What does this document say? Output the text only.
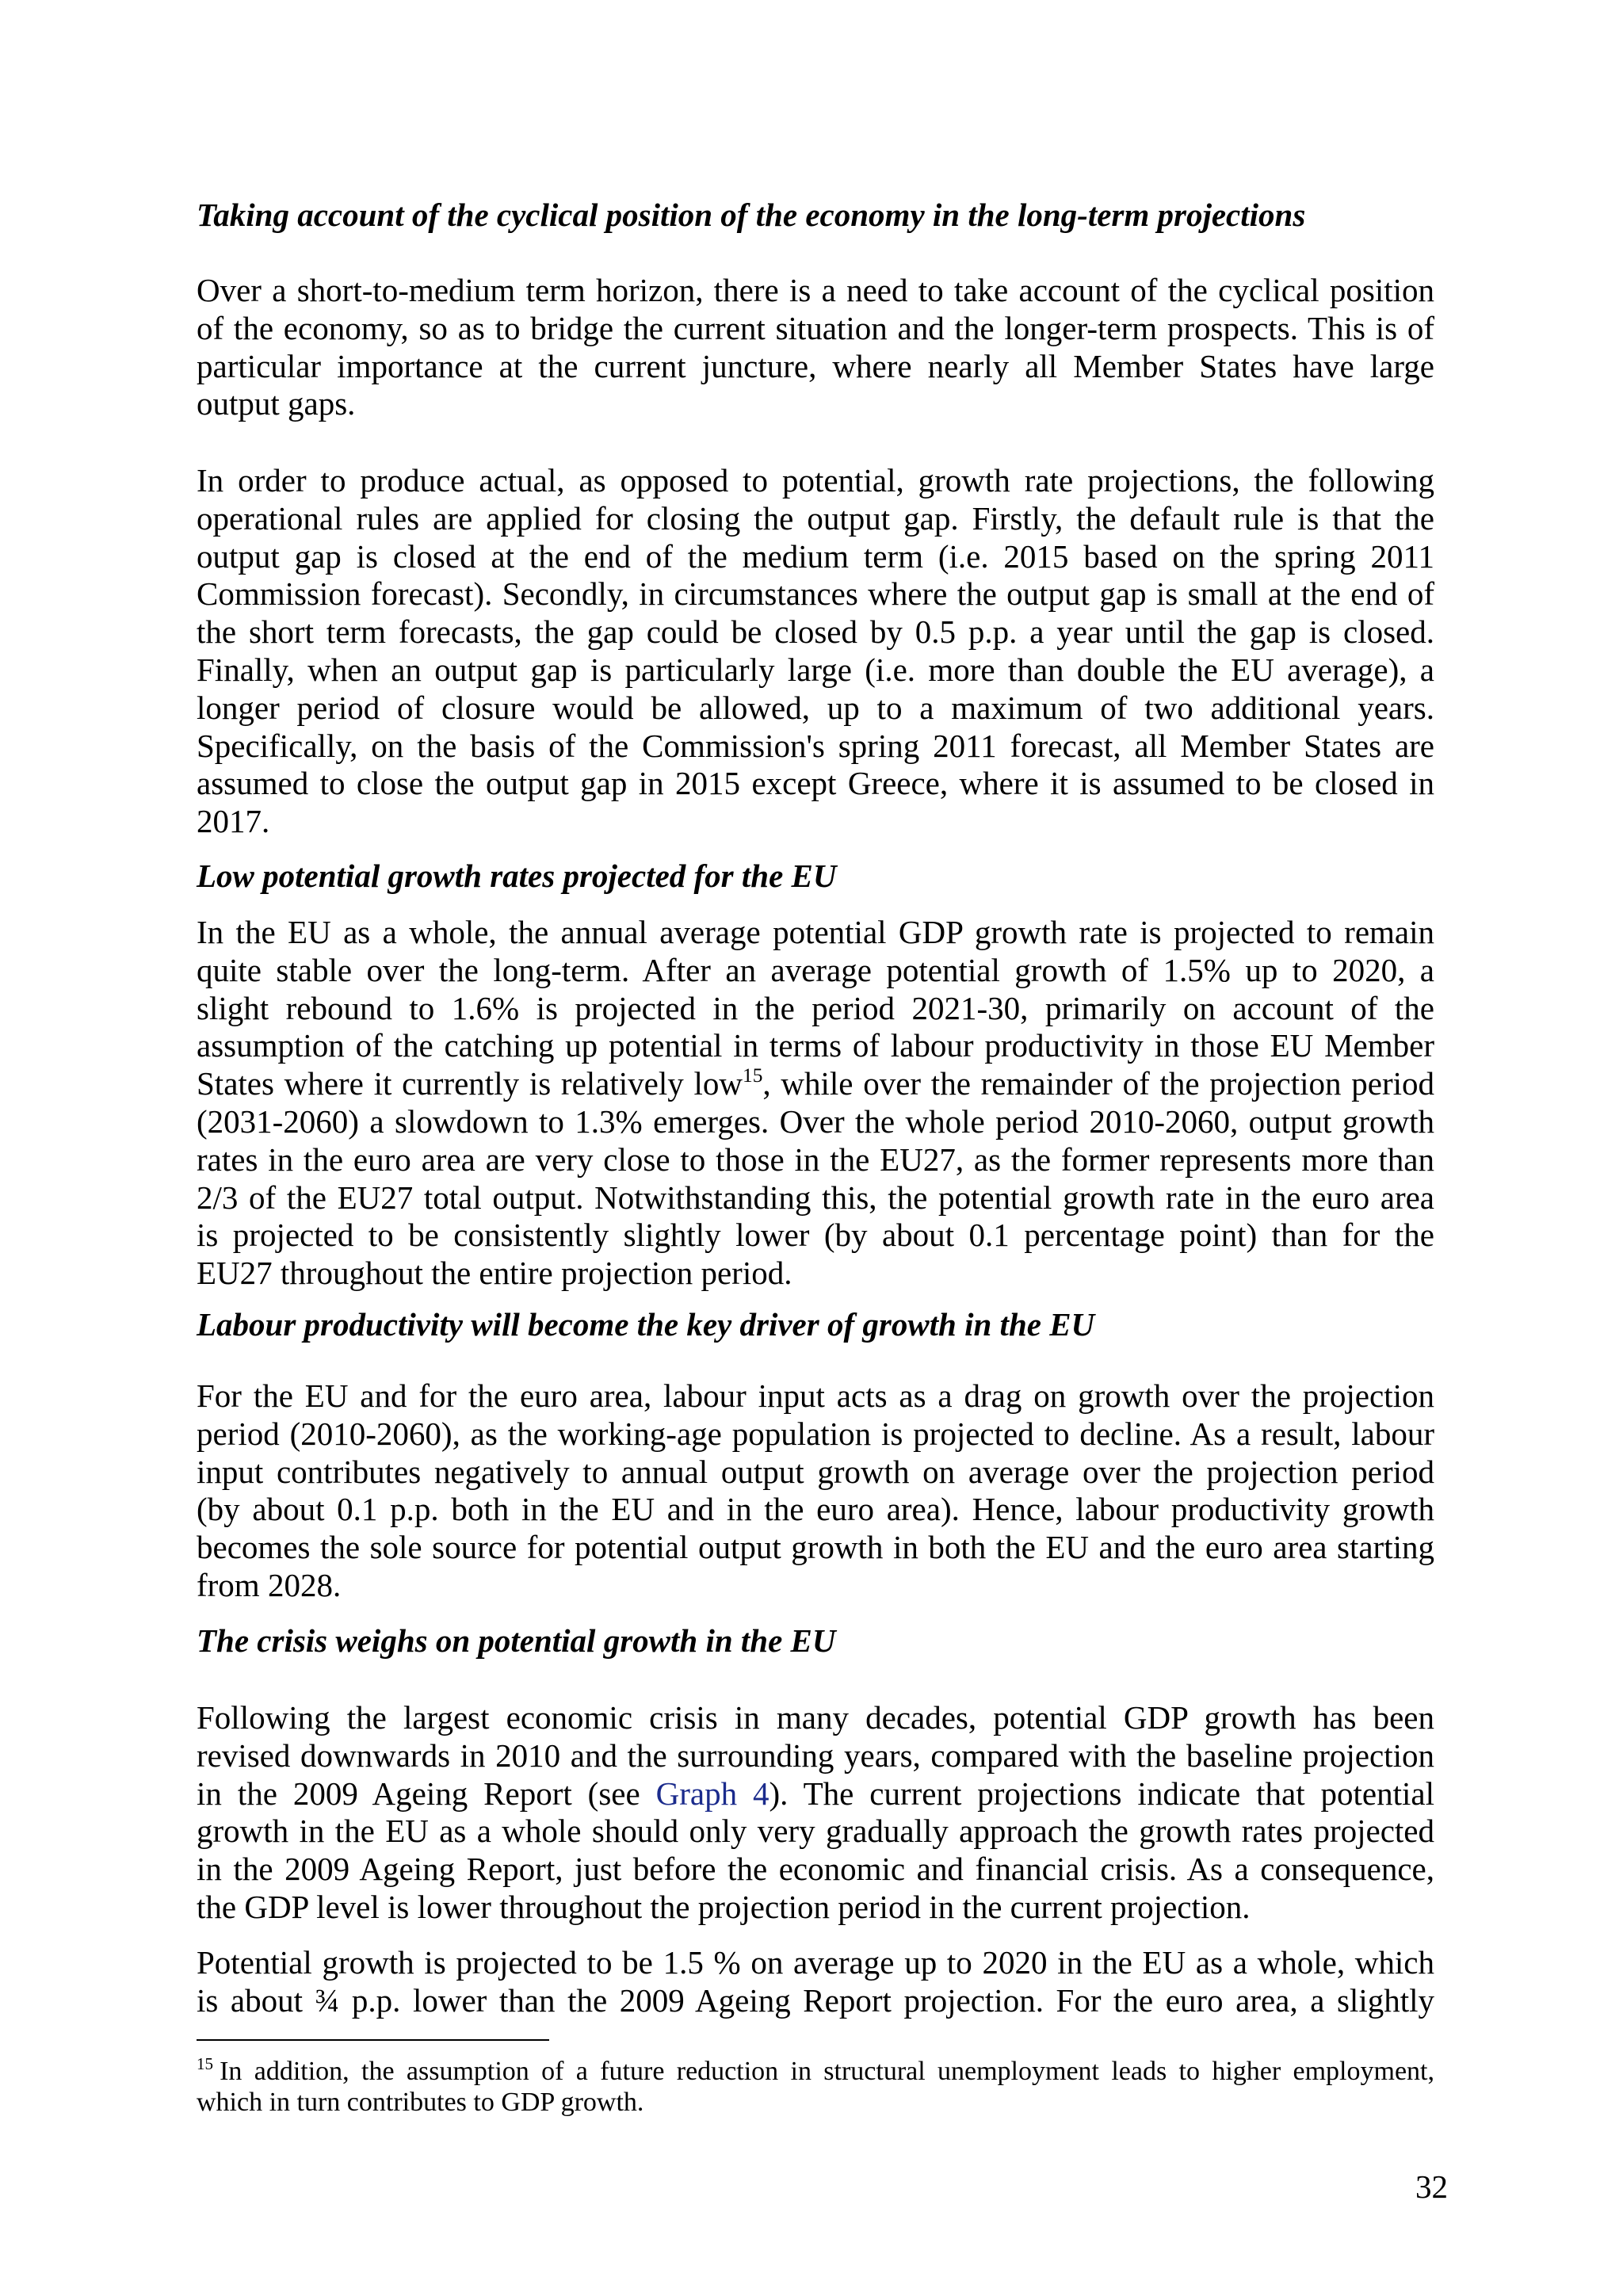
Taking account of the cyclical position of the economy in the long-term projections
Over a short-to-medium term horizon, there is a need to take account of the cyclical position
of the economy, so as to bridge the current situation and the longer-term prospects. This is of
particular importance at the current juncture, where nearly all Member States have large
output gaps.
In order to produce actual, as opposed to potential, growth rate projections, the following
operational rules are applied for closing the output gap. Firstly, the default rule is that the
output gap is closed at the end of the medium term (i.e. 2015 based on the spring 2011
Commission forecast). Secondly, in circumstances where the output gap is small at the end of
the short term forecasts, the gap could be closed by 0.5 p.p. a year until the gap is closed.
Finally, when an output gap is particularly large (i.e. more than double the EU average), a
longer period of closure would be allowed, up to a maximum of two additional years.
Specifically, on the basis of the Commission's spring 2011 forecast, all Member States are
assumed to close the output gap in 2015 except Greece, where it is assumed to be closed in
2017.
Low potential growth rates projected for the EU
In the EU as a whole, the annual average potential GDP growth rate is projected to remain
quite stable over the long-term. After an average potential growth of 1.5% up to 2020, a
slight rebound to 1.6% is projected in the period 2021-30, primarily on account of the
assumption of the catching up potential in terms of labour productivity in those EU Member
States where it currently is relatively low$^{15}$, while over the remainder of the projection period
(2031-2060) a slowdown to 1.3% emerges. Over the whole period 2010-2060, output growth
rates in the euro area are very close to those in the EU27, as the former represents more than
2/3 of the EU27 total output. Notwithstanding this, the potential growth rate in the euro area
is projected to be consistently slightly lower (by about 0.1 percentage point) than for the
EU27 throughout the entire projection period.
Labour productivity will become the key driver of growth in the EU
For the EU and for the euro area, labour input acts as a drag on growth over the projection
period (2010-2060), as the working-age population is projected to decline. As a result, labour
input contributes negatively to annual output growth on average over the projection period
(by about 0.1 p.p. both in the EU and in the euro area). Hence, labour productivity growth
becomes the sole source for potential output growth in both the EU and the euro area starting
from 2028.
The crisis weighs on potential growth in the EU
Following the largest economic crisis in many decades, potential GDP growth has been
revised downwards in 2010 and the surrounding years, compared with the baseline projection
in the 2009 Ageing Report (see Graph 4). The current projections indicate that potential
growth in the EU as a whole should only very gradually approach the growth rates projected
in the 2009 Ageing Report, just before the economic and financial crisis. As a consequence,
the GDP level is lower throughout the projection period in the current projection.
Potential growth is projected to be 1.5 % on average up to 2020 in the EU as a whole, which
is about ¾ p.p. lower than the 2009 Ageing Report projection. For the euro area, a slightly
$^{15}$ In addition, the assumption of a future reduction in structural unemployment leads to higher employment,
which in turn contributes to GDP growth.
32
